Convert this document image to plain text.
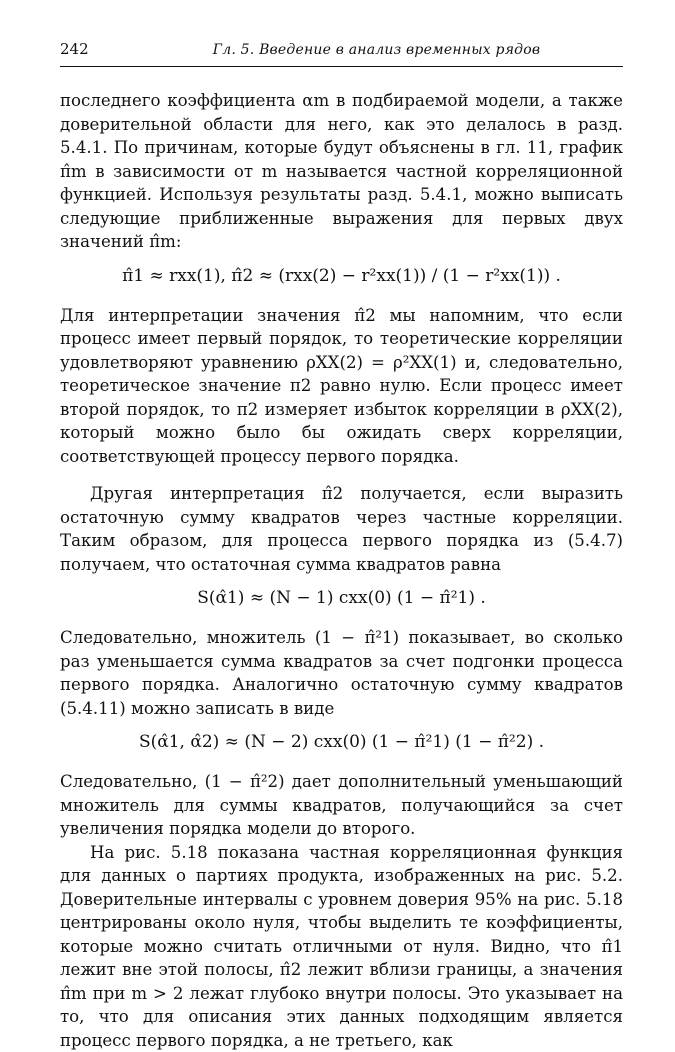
242	Гл. 5. Введение в анализ временных рядов

последнего коэффициента αm в подбираемой модели, а также доверительной области для него, как это делалось в разд. 5.4.1. По причинам, которые будут объяснены в гл. 11, график π̂m в зависимости от m называется частной корреляционной функцией. Используя результаты разд. 5.4.1, можно выписать следующие приближенные выражения для первых двух значений π̂m:

π̂1 ≈ rxx(1), π̂2 ≈ (rxx(2) − r²xx(1)) / (1 − r²xx(1)) .

Для интерпретации значения π̂2 мы напомним, что если процесс имеет первый порядок, то теоретические корреляции удовлетворяют уравнению ρXX(2) = ρ²XX(1) и, следовательно, теоретическое значение π2 равно нулю. Если процесс имеет второй порядок, то π2 измеряет избыток корреляции в ρXX(2), который можно было бы ожидать сверх корреляции, соответствующей процессу первого порядка.

Другая интерпретация π̂2 получается, если выразить остаточную сумму квадратов через частные корреляции. Таким образом, для процесса первого порядка из (5.4.7) получаем, что остаточная сумма квадратов равна

S(α̂1) ≈ (N − 1) cxx(0) (1 − π̂²1) .

Следовательно, множитель (1 − π̂²1) показывает, во сколько раз уменьшается сумма квадратов за счет подгонки процесса первого порядка. Аналогично остаточную сумму квадратов (5.4.11) можно записать в виде

S(α̂1, α̂2) ≈ (N − 2) cxx(0) (1 − π̂²1) (1 − π̂²2) .

Следовательно, (1 − π̂²2) дает дополнительный уменьшающий множитель для суммы квадратов, получающийся за счет увеличения порядка модели до второго.

На рис. 5.18 показана частная корреляционная функция для данных о партиях продукта, изображенных на рис. 5.2. Доверительные интервалы с уровнем доверия 95% на рис. 5.18 центрированы около нуля, чтобы выделить те коэффициенты, которые можно считать отличными от нуля. Видно, что π̂1 лежит вне этой полосы, π̂2 лежит вблизи границы, а значения π̂m при m > 2 лежат глубоко внутри полосы. Это указывает на то, что для описания этих данных подходящим является процесс первого порядка, а не третьего, как
